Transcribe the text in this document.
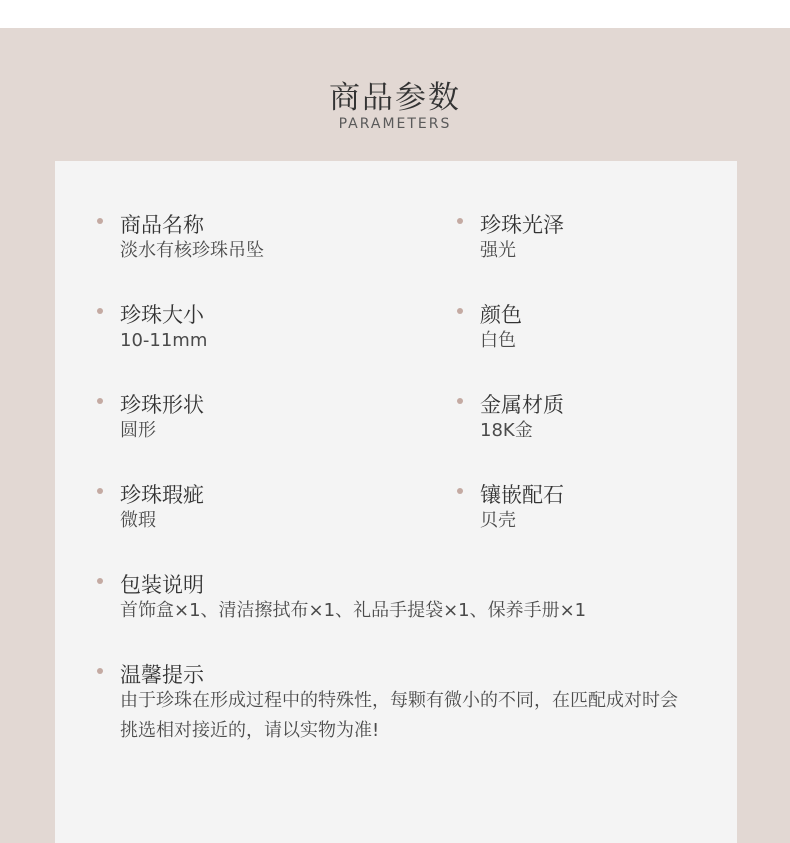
商品参数
PARAMETERS
商品名称
淡水有核珍珠吊坠
珍珠光泽
强光
珍珠大小
10-11mm
颜色
白色
珍珠形状
圆形
金属材质
18K金
珍珠瑕疵
微瑕
镶嵌配石
贝壳
包装说明
首饰盒×1、清洁擦拭布×1、礼品手提袋×1、保养手册×1
温馨提示
由于珍珠在形成过程中的特殊性，每颗有微小的不同，在匹配成对时会挑选相对接近的，请以实物为准!
